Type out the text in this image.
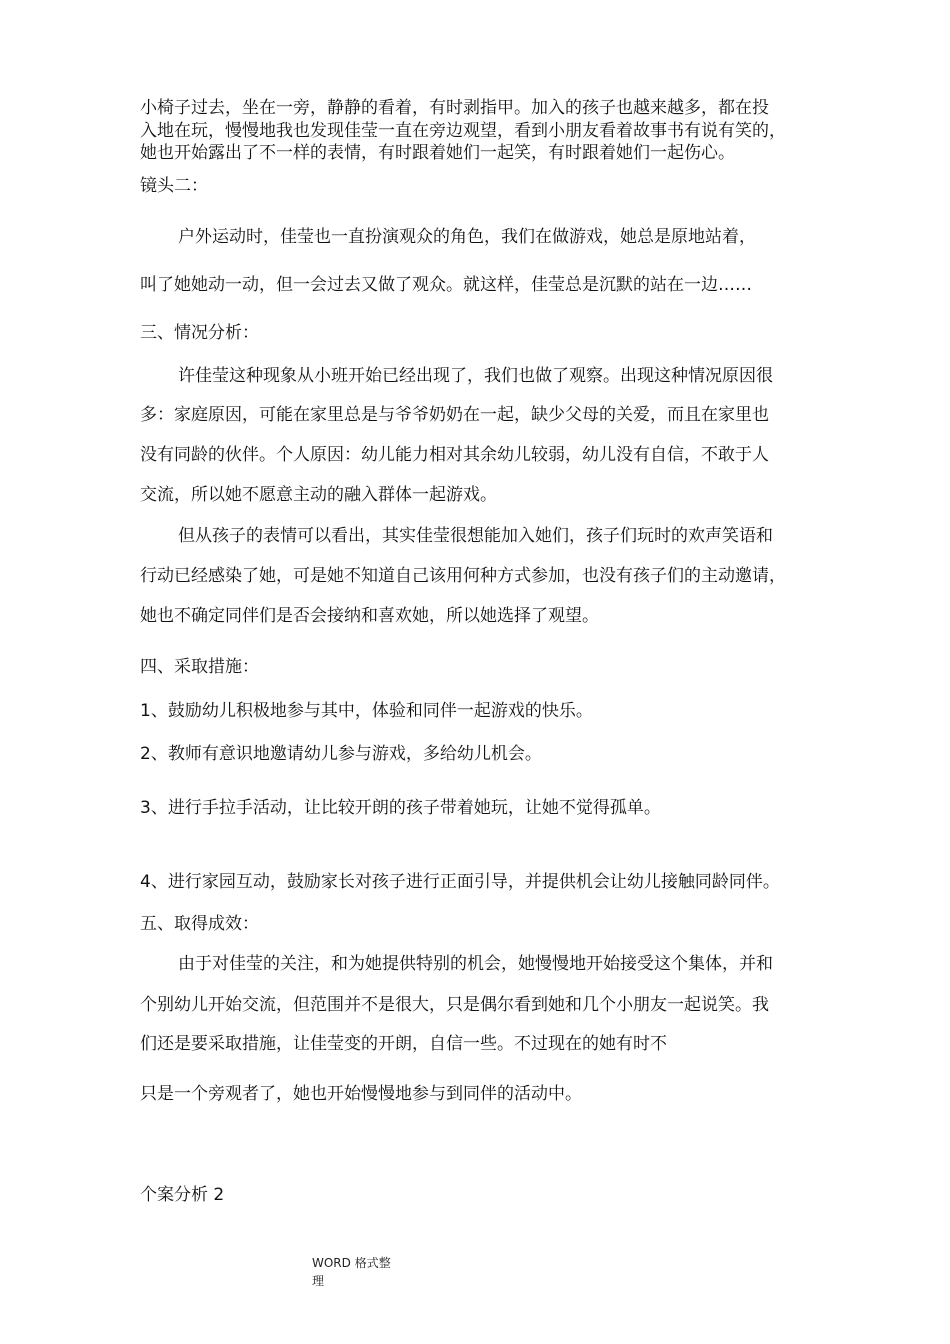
小椅子过去，坐在一旁，静静的看着，有时剥指甲。加入的孩子也越来越多，都在投
入地在玩，慢慢地我也发现佳莹一直在旁边观望，看到小朋友看着故事书有说有笑的，
她也开始露出了不一样的表情，有时跟着她们一起笑，有时跟着她们一起伤心。
镜头二：
户外运动时，佳莹也一直扮演观众的角色，我们在做游戏，她总是原地站着，
叫了她她动一动，但一会过去又做了观众。就这样，佳莹总是沉默的站在一边……
三、情况分析：
许佳莹这种现象从小班开始已经出现了，我们也做了观察。出现这种情况原因很
多：家庭原因，可能在家里总是与爷爷奶奶在一起，缺少父母的关爱，而且在家里也
没有同龄的伙伴。个人原因：幼儿能力相对其余幼儿较弱，幼儿没有自信，不敢于人
交流，所以她不愿意主动的融入群体一起游戏。
但从孩子的表情可以看出，其实佳莹很想能加入她们，孩子们玩时的欢声笑语和
行动已经感染了她，可是她不知道自己该用何种方式参加，也没有孩子们的主动邀请，
她也不确定同伴们是否会接纳和喜欢她，所以她选择了观望。
四、采取措施：
1、鼓励幼儿积极地参与其中，体验和同伴一起游戏的快乐。
2、教师有意识地邀请幼儿参与游戏，多给幼儿机会。
3、进行手拉手活动，让比较开朗的孩子带着她玩，让她不觉得孤单。
4、进行家园互动，鼓励家长对孩子进行正面引导，并提供机会让幼儿接触同龄同伴。
五、取得成效：
由于对佳莹的关注，和为她提供特别的机会，她慢慢地开始接受这个集体，并和
个别幼儿开始交流，但范围并不是很大，只是偶尔看到她和几个小朋友一起说笑。我
们还是要采取措施，让佳莹变的开朗，自信一些。不过现在的她有时不
只是一个旁观者了，她也开始慢慢地参与到同伴的活动中。
个案分析 2
WORD 格式整
理
